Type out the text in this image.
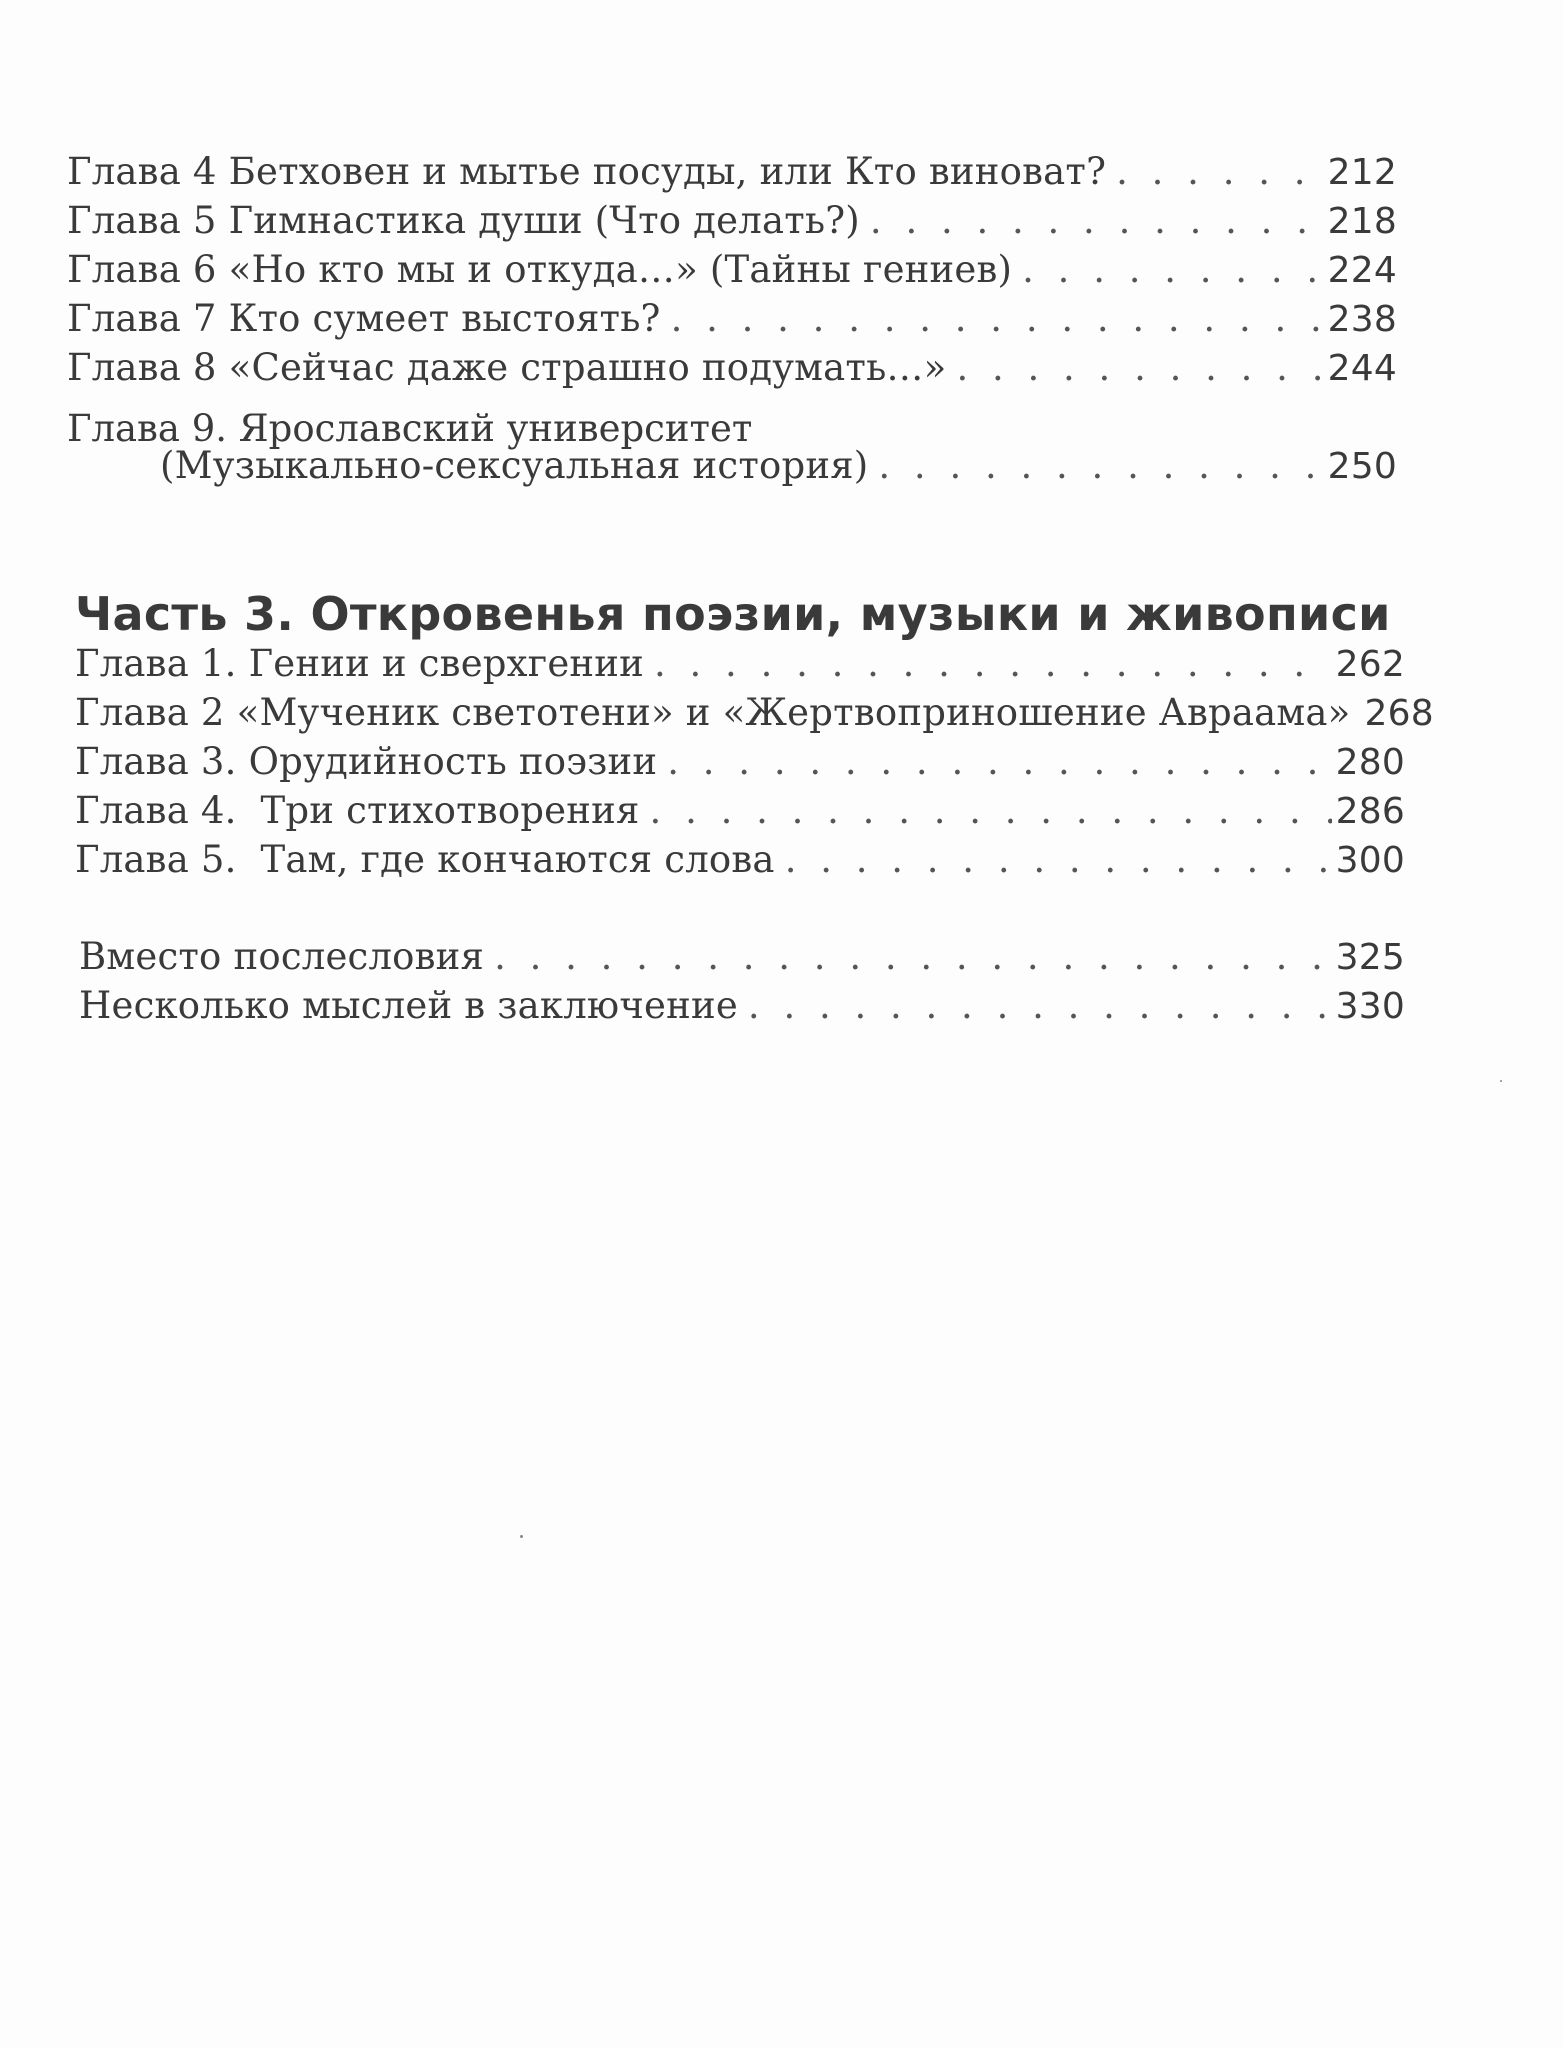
Глава 4 Бетховен и мытье посуды, или Кто виноват? . . .	212
Глава 5 Гимнастика души (Что делать?) . . .	218
Глава 6 «Но кто мы и откуда…» (Тайны гениев) . . .	224
Глава 7 Кто сумеет выстоять? . . .	238
Глава 8 «Сейчас даже страшно подумать…» . . .	244
Глава 9. Ярославский университет
(Музыкально-сексуальная история) . . .	250
Часть 3. Откровенья поэзии, музыки и живописи
Глава 1. Гении и сверхгении . . .	262
Глава 2 «Мученик светотени» и «Жертвоприношение Авраама» 268
Глава 3. Орудийность поэзии . . .	280
Глава 4.  Три стихотворения . . .	286
Глава 5.  Там, где кончаются слова . . .	300
Вместо послесловия . . .	325
Несколько мыслей в заключение . . .	330
